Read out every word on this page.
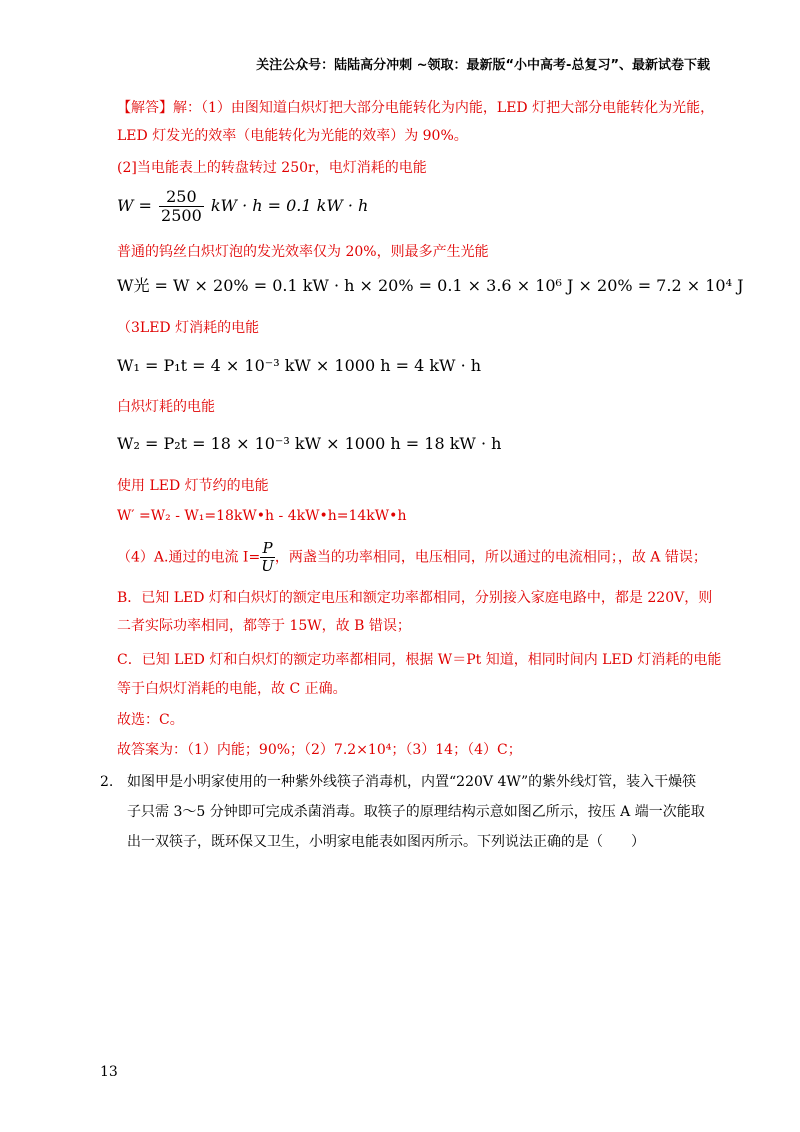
关注公众号：陆陆高分冲刺 ~领取：最新版“小中高考-总复习”、最新试卷下载
【解答】解：（1）由图知道白炽灯把大部分电能转化为内能，LED 灯把大部分电能转化为光能，
LED 灯发光的效率（电能转化为光能的效率）为 90%。
(2]当电能表上的转盘转过 250r，电灯消耗的电能
$W = \frac{250}{2500}$ kW · h = 0.1 kW · h
普通的钨丝白炽灯泡的发光效率仅为 20%，则最多产生光能
W光 = W × 20% = 0.1 kW · h × 20% = 0.1 × 3.6 × 10⁶ J × 20% = 7.2 × 10⁴ J
（3LED 灯消耗的电能
W₁ = P₁t = 4 × 10⁻³ kW × 1000 h = 4 kW · h
白炽灯耗的电能
W₂ = P₂t = 18 × 10⁻³ kW × 1000 h = 18 kW · h
使用 LED 灯节约的电能
W′ =W₂ - W₁=18kW•h - 4kW•h=14kW•h
（4）A.通过的电流 $I= \frac{P}{U}$ ，两盏当的功率相同，电压相同，所以通过的电流相同；，故 A 错误；
B．已知 LED 灯和白炽灯的额定电压和额定功率都相同，分别接入家庭电路中，都是 220V，则
二者实际功率相同，都等于 15W，故 B 错误；
C．已知 LED 灯和白炽灯的额定功率都相同，根据 W＝Pt 知道，相同时间内 LED 灯消耗的电能
等于白炽灯消耗的电能，故 C 正确。
故选：C。
故答案为：（1）内能；90%；（2）7.2×10⁴；（3）14；（4）C；
2. 如图甲是小明家使用的一种紫外线筷子消毒机，内置“220V 4W”的紫外线灯管，装入干燥筷
子只需 3～5 分钟即可完成杀菌消毒。取筷子的原理结构示意如图乙所示，按压 A 端一次能取
出一双筷子，既环保又卫生，小明家电能表如图丙所示。下列说法正确的是（　　）
13
